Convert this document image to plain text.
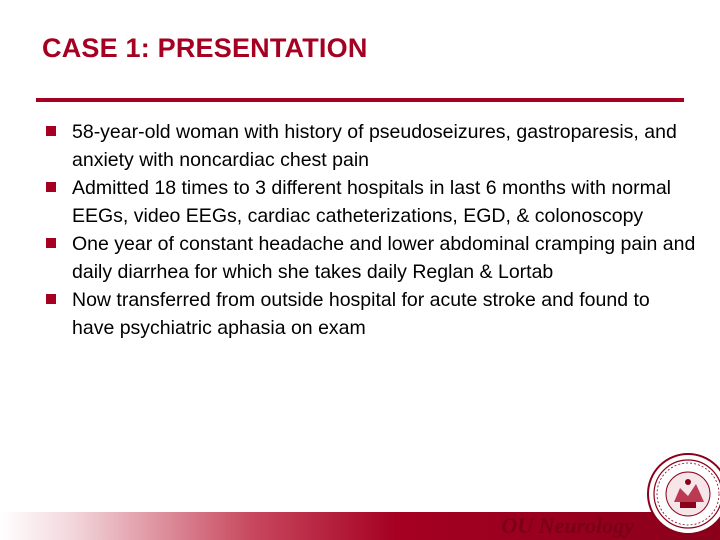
CASE 1: PRESENTATION
58-year-old woman with history of pseudoseizures, gastroparesis, and anxiety with noncardiac chest pain
Admitted 18 times to 3 different hospitals in last 6 months with normal EEGs, video EEGs, cardiac catheterizations, EGD, & colonoscopy
One year of constant headache and lower abdominal cramping pain and daily diarrhea for which she takes daily Reglan & Lortab
Now transferred from outside hospital for acute stroke and found to have psychiatric aphasia on exam
OU Neurology
